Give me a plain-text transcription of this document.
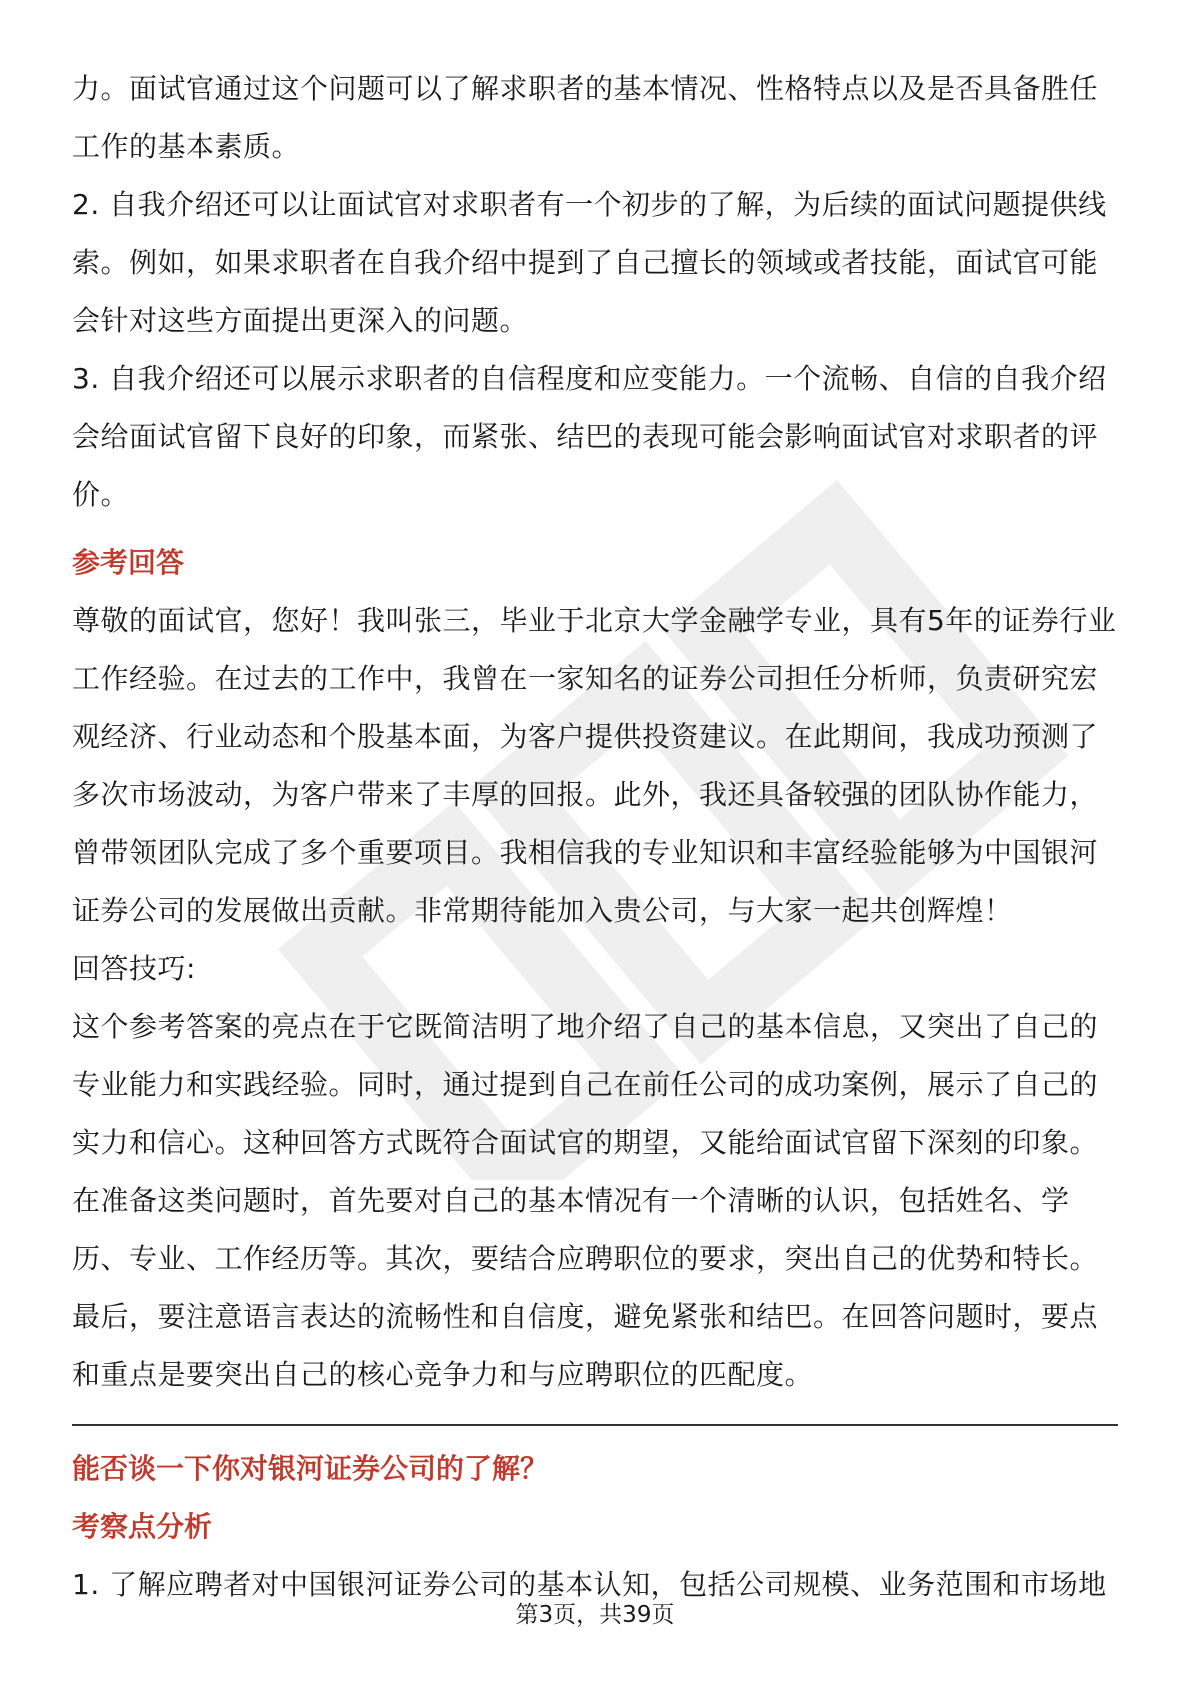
力。面试官通过这个问题可以了解求职者的基本情况、性格特点以及是否具备胜任工作的基本素质。

2. 自我介绍还可以让面试官对求职者有一个初步的了解，为后续的面试问题提供线索。例如，如果求职者在自我介绍中提到了自己擅长的领域或者技能，面试官可能会针对这些方面提出更深入的问题。

3. 自我介绍还可以展示求职者的自信程度和应变能力。一个流畅、自信的自我介绍会给面试官留下良好的印象，而紧张、结巴的表现可能会影响面试官对求职者的评价。

参考回答

尊敬的面试官，您好！我叫张三，毕业于北京大学金融学专业，具有5年的证券行业工作经验。在过去的工作中，我曾在一家知名的证券公司担任分析师，负责研究宏观经济、行业动态和个股基本面，为客户提供投资建议。在此期间，我成功预测了多次市场波动，为客户带来了丰厚的回报。此外，我还具备较强的团队协作能力，曾带领团队完成了多个重要项目。我相信我的专业知识和丰富经验能够为中国银河证券公司的发展做出贡献。非常期待能加入贵公司，与大家一起共创辉煌！

回答技巧:

这个参考答案的亮点在于它既简洁明了地介绍了自己的基本信息，又突出了自己的专业能力和实践经验。同时，通过提到自己在前任公司的成功案例，展示了自己的实力和信心。这种回答方式既符合面试官的期望，又能给面试官留下深刻的印象。

在准备这类问题时，首先要对自己的基本情况有一个清晰的认识，包括姓名、学历、专业、工作经历等。其次，要结合应聘职位的要求，突出自己的优势和特长。最后，要注意语言表达的流畅性和自信度，避免紧张和结巴。在回答问题时，要点和重点是要突出自己的核心竞争力和与应聘职位的匹配度。

能否谈一下你对银河证券公司的了解？
考察点分析

1. 了解应聘者对中国银河证券公司的基本认知，包括公司规模、业务范围和市场地

第3页，共39页
